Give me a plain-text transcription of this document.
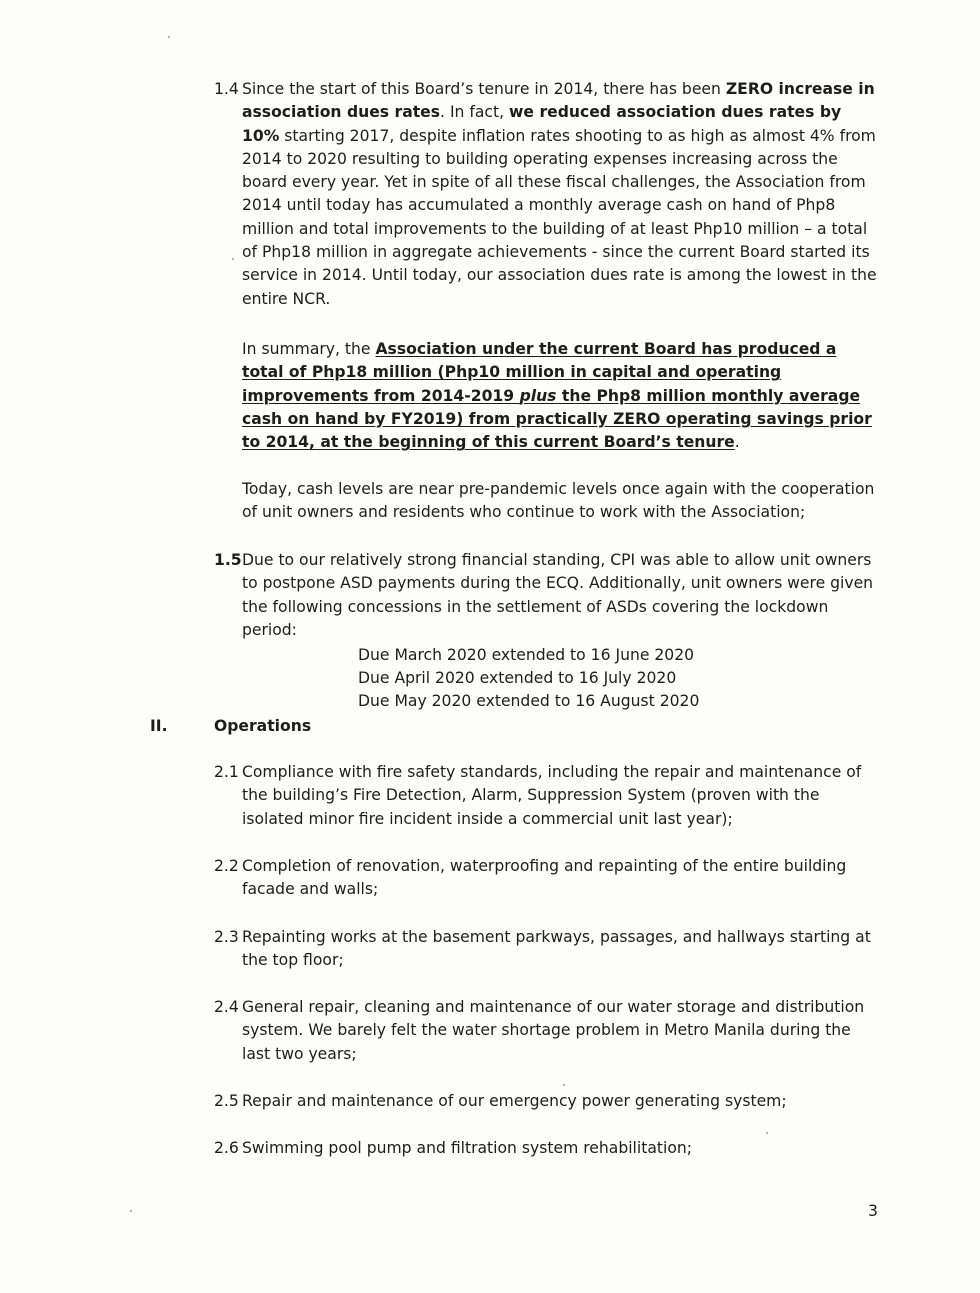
1.4 Since the start of this Board’s tenure in 2014, there has been ZERO increase in association dues rates. In fact, we reduced association dues rates by 10% starting 2017, despite inflation rates shooting to as high as almost 4% from 2014 to 2020 resulting to building operating expenses increasing across the board every year. Yet in spite of all these fiscal challenges, the Association from 2014 until today has accumulated a monthly average cash on hand of Php8 million and total improvements to the building of at least Php10 million – a total of Php18 million in aggregate achievements - since the current Board started its service in 2014. Until today, our association dues rate is among the lowest in the entire NCR.

In summary, the Association under the current Board has produced a total of Php18 million (Php10 million in capital and operating improvements from 2014-2019 plus the Php8 million monthly average cash on hand by FY2019) from practically ZERO operating savings prior to 2014, at the beginning of this current Board’s tenure.

Today, cash levels are near pre-pandemic levels once again with the cooperation of unit owners and residents who continue to work with the Association;

1.5 Due to our relatively strong financial standing, CPI was able to allow unit owners to postpone ASD payments during the ECQ. Additionally, unit owners were given the following concessions in the settlement of ASDs covering the lockdown period:

Due March 2020 extended to 16 June 2020

Due April 2020 extended to 16 July 2020

Due May 2020 extended to 16 August 2020

II.	Operations
2.1 Compliance with fire safety standards, including the repair and maintenance of the building’s Fire Detection, Alarm, Suppression System (proven with the isolated minor fire incident inside a commercial unit last year);

2.2 Completion of renovation, waterproofing and repainting of the entire building facade and walls;

2.3 Repainting works at the basement parkways, passages, and hallways starting at the top floor;

2.4 General repair, cleaning and maintenance of our water storage and distribution system. We barely felt the water shortage problem in Metro Manila during the last two years;

2.5 Repair and maintenance of our emergency power generating system;

2.6 Swimming pool pump and filtration system rehabilitation;

3
